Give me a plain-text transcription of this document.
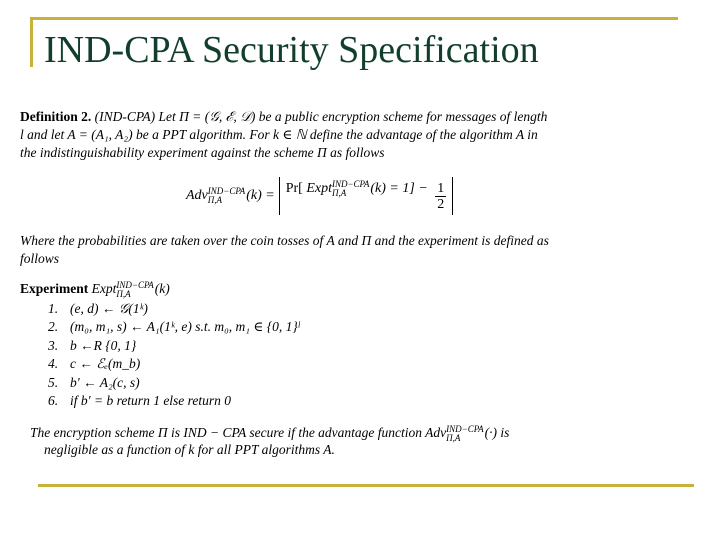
IND-CPA Security Specification
Definition 2. (IND-CPA) Let Π = (𝒢, ℰ, 𝒟) be a public encryption scheme for messages of length
l and let A = (A₁, A₂) be a PPT algorithm. For k ∈ ℕ define the advantage of the algorithm A in
the indistinguishability experiment against the scheme Π as follows
Adv IND−CPA
Π,A	(k) = Pr[ Expt IND−CPA
Π,A	$(k) = 1] - \frac{1}{2}$
Where the probabilities are taken over the coin tosses of A and Π and the experiment is defined as
follows
Experiment Expt IND−CPA
Π,A	(k)
1. (e, d) ← 𝒢(1ᵏ)
2. (m₀, m₁, s) ← A₁(1ᵏ, e) s.t. m₀, m₁ ∈ {0, 1}ˡ
3. b ←R {0, 1}
4. c ← ℰₑ(m_b)
5. b′ ← A₂(c, s)
6. if b′ = b return 1 else return 0
The encryption scheme Π is IND − CPA secure if the advantage function Adv IND−CPA
Π,A	(·) is
negligible as a function of k for all PPT algorithms A.
